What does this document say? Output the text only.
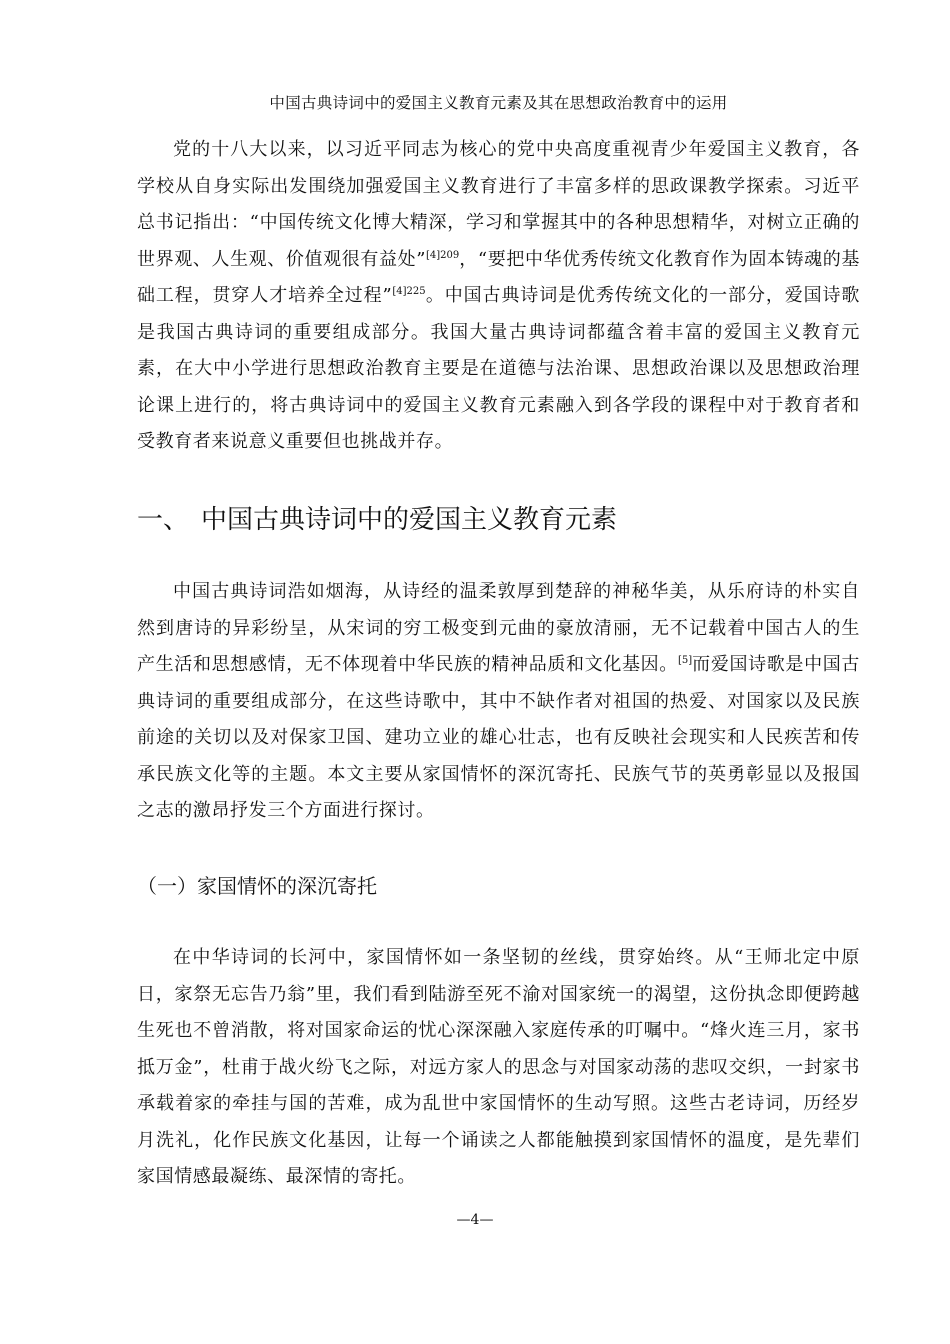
中国古典诗词中的爱国主义教育元素及其在思想政治教育中的运用

党的十八大以来，以习近平同志为核心的党中央高度重视青少年爱国主义教育，各学校从自身实际出发围绕加强爱国主义教育进行了丰富多样的思政课教学探索。习近平总书记指出：“中国传统文化博大精深，学习和掌握其中的各种思想精华，对树立正确的世界观、人生观、价值观很有益处”$^{[4]209}$，“要把中华优秀传统文化教育作为固本铸魂的基础工程，贯穿人才培养全过程”$^{[4]225}$。中国古典诗词是优秀传统文化的一部分，爱国诗歌是我国古典诗词的重要组成部分。我国大量古典诗词都蕴含着丰富的爱国主义教育元素，在大中小学进行思想政治教育主要是在道德与法治课、思想政治课以及思想政治理论课上进行的，将古典诗词中的爱国主义教育元素融入到各学段的课程中对于教育者和受教育者来说意义重要但也挑战并存。

一、 中国古典诗词中的爱国主义教育元素

中国古典诗词浩如烟海，从诗经的温柔敦厚到楚辞的神秘华美，从乐府诗的朴实自然到唐诗的异彩纷呈，从宋词的穷工极变到元曲的豪放清丽，无不记载着中国古人的生产生活和思想感情，无不体现着中华民族的精神品质和文化基因。[5]而爱国诗歌是中国古典诗词的重要组成部分，在这些诗歌中，其中不缺作者对祖国的热爱、对国家以及民族前途的关切以及对保家卫国、建功立业的雄心壮志，也有反映社会现实和人民疾苦和传承民族文化等的主题。本文主要从家国情怀的深沉寄托、民族气节的英勇彰显以及报国之志的激昂抒发三个方面进行探讨。

（一）家国情怀的深沉寄托

在中华诗词的长河中，家国情怀如一条坚韧的丝线，贯穿始终。从“王师北定中原日，家祭无忘告乃翁”里，我们看到陆游至死不渝对国家统一的渴望，这份执念即便跨越生死也不曾消散，将对国家命运的忧心深深融入家庭传承的叮嘱中。“烽火连三月，家书抵万金”，杜甫于战火纷飞之际，对远方家人的思念与对国家动荡的悲叹交织，一封家书承载着家的牵挂与国的苦难，成为乱世中家国情怀的生动写照。这些古老诗词，历经岁月洗礼，化作民族文化基因，让每一个诵读之人都能触摸到家国情怀的温度，是先辈们家国情感最凝练、最深情的寄托。

—4—
